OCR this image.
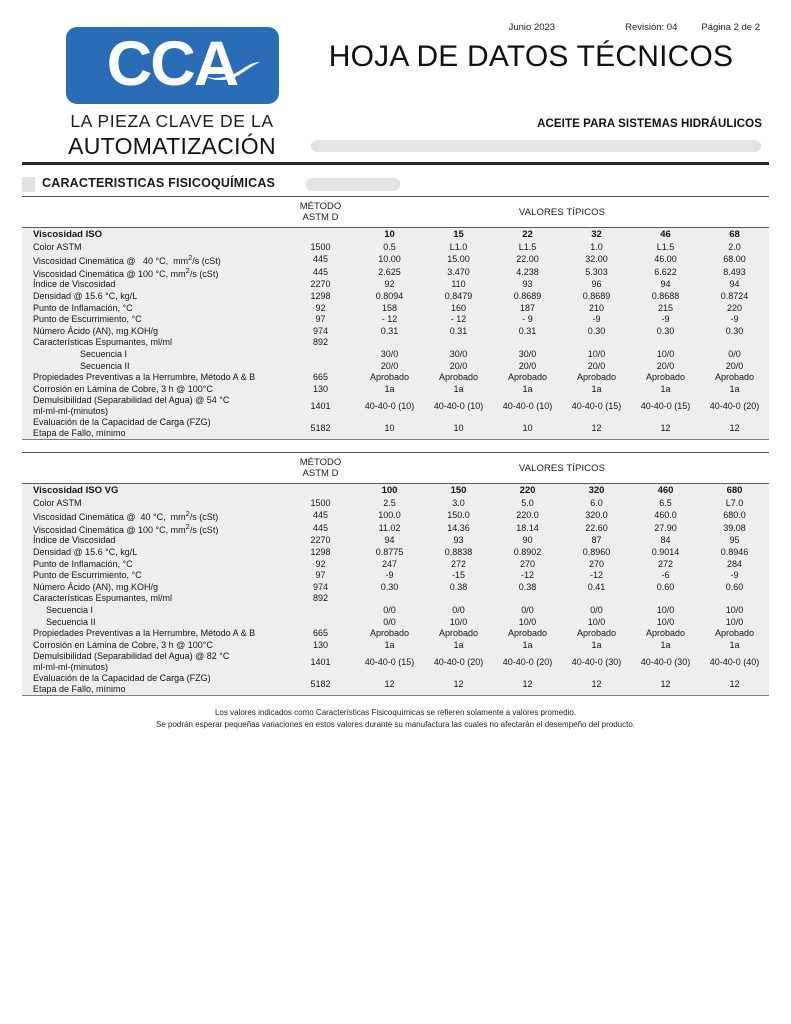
CCA
LA PIEZA CLAVE DE LA
AUTOMATIZACIÓN
Junio 2023	Revisión: 04	Página 2 de 2
HOJA DE DATOS TÉCNICOS
ACEITE PARA SISTEMAS HIDRÁULICOS
CARACTERISTICAS FISICOQUÍMICAS

	MÉTODO
ASTM D	VALORES TÍPICOS					
Viscosidad ISO		10	15	22	32	46	68
Color ASTM	1500	0.5	L1.0	L1.5	1.0	L1.5	2.0
Viscosidad Cinemática @   40 °C,  $mm^2/s$ (cSt)	445	10.00	15.00	22.00	32.00	46.00	68.00
Viscosidad Cinemática @ 100 °C, $mm^2/s$ (cSt)	445	2.625	3.470	4.238	5.303	6.622	8.493
Índice de Viscosidad	2270	92	110	93	96	94	94
Densidad @ 15.6 °C, kg/L	1298	0.8094	0.8479	0.8689	0.8689	0.8688	0.8724
Punto de Inflamación, °C	92	158	160	187	210	215	220
Punto de Escurrimiento, °C	97	- 12	- 12	- 9	-9	-9	-9
Número Ácido (AN), mg KOH/g	974	0.31	0.31	0.31	0.30	0.30	0.30
Características Espumantes, ml/ml	892						
Secuencia I		30/0	30/0	30/0	10/0	10/0	0/0
Secuencia II		20/0	20/0	20/0	20/0	20/0	20/0
Propiedades Preventivas a la Herrumbre, Método A & B	665	Aprobado	Aprobado	Aprobado	Aprobado	Aprobado	Aprobado
Corrosión en Lámina de Cobre, 3 h @ 100°C	130	1a	1a	1a	1a	1a	1a

Demulsibilidad (Separabilidad del Agua) @ 54 °C
ml-ml-ml-(minutos)	1401	40-40-0 (10)	40-40-0 (10)	40-40-0 (10)	40-40-0 (15)	40-40-0 (15)	40-40-0 (20)

Evaluación de la Capacidad de Carga (FZG)
Etapa de Fallo, mínimo	5182	10	10	10	12	12	12

	MÉTODO
ASTM D	VALORES TÍPICOS					
Viscosidad ISO VG		100	150	220	320	460	680
Color ASTM	1500	2.5	3.0	5.0	6.0	6.5	L7.0
Viscosidad Cinemática @  40 °C,  $mm^2/s$ (cSt)	445	100.0	150.0	220.0	320.0	460.0	680.0
Viscosidad Cinemática @ 100 °C, $mm^2/s$ (cSt)	445	11.02	14.36	18.14	22.60	27.90	39.08
Índice de Viscosidad	2270	94	93	90	87	84	95
Densidad @ 15.6 °C, kg/L	1298	0.8775	0.8838	0.8902	0.8960	0.9014	0.8946
Punto de Inflamación, °C	92	247	272	270	270	272	284
Punto de Escurrimiento, °C	97	-9	-15	-12	-12	-6	-9
Número Ácido (AN), mg KOH/g	974	0.30	0.38	0.38	0.41	0.60	0.60
Características Espumantes, ml/ml	892						
Secuencia I		0/0	0/0	0/0	0/0	10/0	10/0
Secuencia II		0/0	10/0	10/0	10/0	10/0	10/0
Propiedades Preventivas a la Herrumbre, Método A & B	665	Aprobado	Aprobado	Aprobado	Aprobado	Aprobado	Aprobado
Corrosión en Lámina de Cobre, 3 h @ 100°C	130	1a	1a	1a	1a	1a	1a

Demulsibilidad (Separabilidad del Agua) @ 82 °C
ml-ml-ml-(minutos)	1401	40-40-0 (15)	40-40-0 (20)	40-40-0 (20)	40-40-0 (30)	40-40-0 (30)	40-40-0 (40)

Evaluación de la Capacidad de Carga (FZG)
Etapa de Fallo, mínimo	5182	12	12	12	12	12	12
Los valores indicados como Características Fisicoquímicas se refieren solamente a valores promedio.
Se podrán esperar pequeñas variaciones en estos valores durante su manufactura las cuales no afectarán el desempeño del producto.
